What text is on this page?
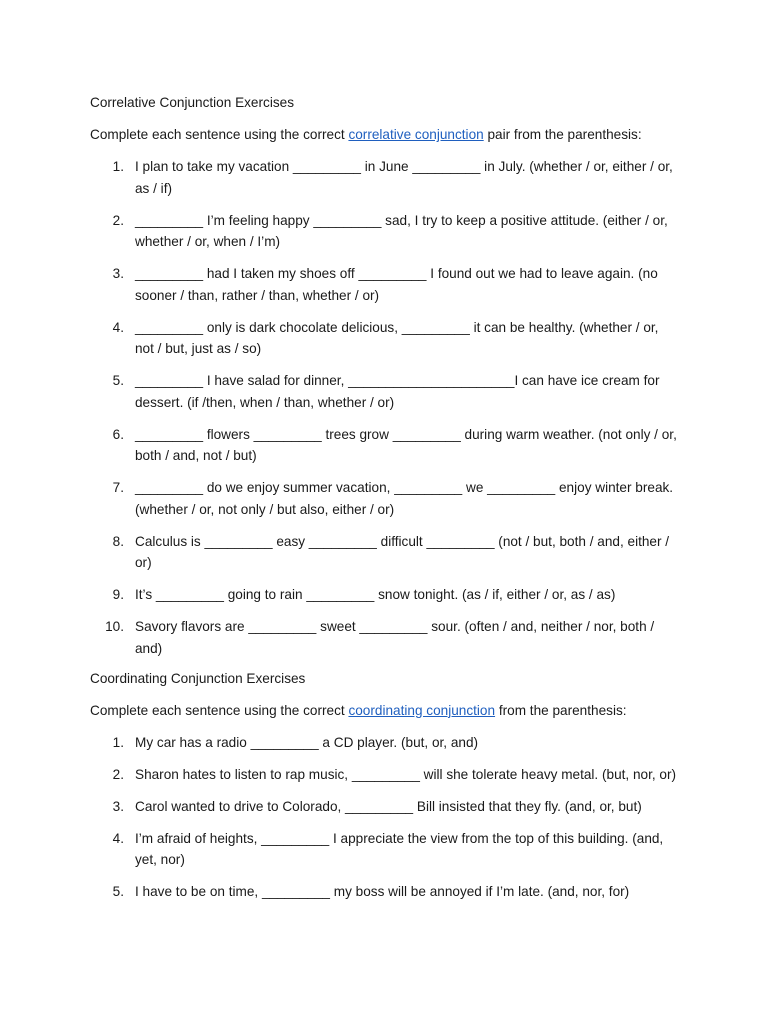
Correlative Conjunction Exercises
Complete each sentence using the correct correlative conjunction pair from the parenthesis:
1. I plan to take my vacation _________ in June _________ in July. (whether / or, either / or, as / if)
2. _________ I’m feeling happy _________ sad, I try to keep a positive attitude. (either / or, whether / or, when / I’m)
3. _________ had I taken my shoes off _________ I found out we had to leave again. (no sooner / than, rather / than, whether / or)
4. _________ only is dark chocolate delicious, _________ it can be healthy. (whether / or, not / but, just as / so)
5. _________ I have salad for dinner, ______________________I can have ice cream for dessert. (if /then, when / than, whether / or)
6. _________ flowers _________ trees grow _________ during warm weather. (not only / or, both / and, not / but)
7. _________ do we enjoy summer vacation, _________ we _________ enjoy winter break. (whether / or, not only / but also, either / or)
8. Calculus is _________ easy _________ difficult _________ (not / but, both / and, either / or)
9. It’s _________ going to rain _________ snow tonight. (as / if, either / or, as / as)
10. Savory flavors are _________ sweet _________ sour. (often / and, neither / nor, both / and)
Coordinating Conjunction Exercises
Complete each sentence using the correct coordinating conjunction from the parenthesis:
1. My car has a radio _________ a CD player. (but, or, and)
2. Sharon hates to listen to rap music, _________ will she tolerate heavy metal. (but, nor, or)
3. Carol wanted to drive to Colorado, _________ Bill insisted that they fly. (and, or, but)
4. I’m afraid of heights, _________ I appreciate the view from the top of this building. (and, yet, nor)
5. I have to be on time, _________ my boss will be annoyed if I’m late. (and, nor, for)
